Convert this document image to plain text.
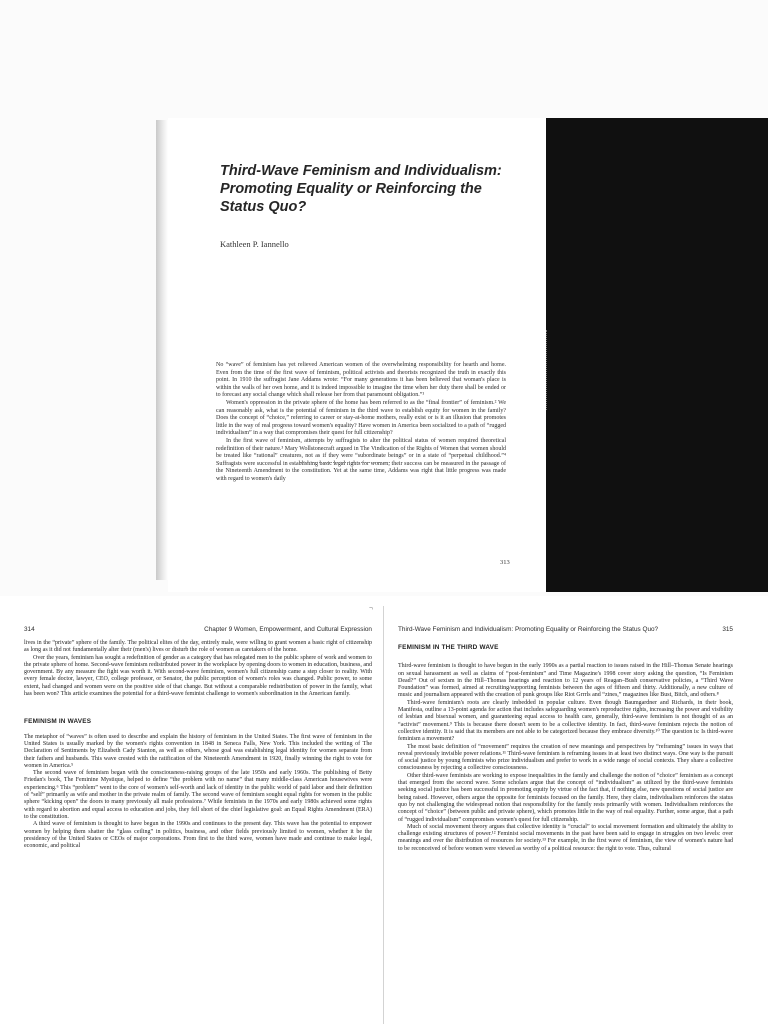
Third-Wave Feminism and Individualism: Promoting Equality or Reinforcing the Status Quo?
Kathleen P. Iannello

No “wave” of feminism has yet relieved American women of the overwhelming responsibility for hearth and home. Even from the time of the first wave of feminism, political activists and theorists recognized the truth in exactly this point. In 1910 the suffragist Jane Addams wrote: “For many generations it has been believed that woman's place is within the walls of her own home, and it is indeed impossible to imagine the time when her duty there shall be ended or to forecast any social change which shall release her from that paramount obligation.”¹

Women's oppression in the private sphere of the home has been referred to as the “final frontier” of feminism.² We can reasonably ask, what is the potential of feminism in the third wave to establish equity for women in the family? Does the concept of “choice,” referring to career or stay-at-home mothers, really exist or is it an illusion that promotes little in the way of real progress toward women's equality? Have women in America been socialized to a path of “rugged individualism” in a way that compromises their quest for full citizenship?

In the first wave of feminism, attempts by suffragists to alter the political status of women required theoretical redefinition of their nature.³ Mary Wollstonecraft argued in The Vindication of the Rights of Women that women should be treated like “rational” creatures, not as if they were “subordinate beings” or in a state of “perpetual childhood.”⁴ Suffragists were successful in establishing basic legal rights for women; their success can be measured in the passage of the Nineteenth Amendment to the constitution. Yet at the same time, Addams was right that little progress was made with regard to women's daily

313
¬
314	Chapter 9 Women, Empowerment, and Cultural Expression

lives in the “private” sphere of the family. The political elites of the day, entirely male, were willing to grant women a basic right of citizenship as long as it did not fundamentally alter their (men's) lives or disturb the role of women as caretakers of the home.

Over the years, feminism has sought a redefinition of gender as a category that has relegated men to the public sphere of work and women to the private sphere of home. Second-wave feminism redistributed power in the workplace by opening doors to women in education, business, and government. By any measure the fight was worth it. With second-wave feminism, women's full citizenship came a step closer to reality. With every female doctor, lawyer, CEO, college professor, or Senator, the public perception of women's roles was changed. Public power, to some extent, had changed and women were on the positive side of that change. But without a comparable redistribution of power in the family, what has been won? This article examines the potential for a third-wave feminist challenge to women's subordination in the American family.

FEMINISM IN WAVES

The metaphor of “waves” is often used to describe and explain the history of feminism in the United States. The first wave of feminism in the United States is usually marked by the women's rights convention in 1848 in Seneca Falls, New York. This included the writing of The Declaration of Sentiments by Elizabeth Cady Stanton, as well as others, whose goal was establishing legal identity for women separate from their fathers and husbands. This wave crested with the ratification of the Nineteenth Amendment in 1920, finally winning the right to vote for women in America.⁵

The second wave of feminism began with the consciousness-raising groups of the late 1950s and early 1960s. The publishing of Betty Friedan's book, The Feminine Mystique, helped to define “the problem with no name” that many middle-class American housewives were experiencing.⁶ This “problem” went to the core of women's self-worth and lack of identity in the public world of paid labor and their definition of “self” primarily as wife and mother in the private realm of family. The second wave of feminism sought equal rights for women in the public sphere “kicking open” the doors to many previously all male professions.⁷ While feminists in the 1970s and early 1980s achieved some rights with regard to abortion and equal access to education and jobs, they fell short of the chief legislative goal: an Equal Rights Amendment (ERA) to the constitution.

A third wave of feminism is thought to have begun in the 1990s and continues to the present day. This wave has the potential to empower women by helping them shatter the “glass ceiling” in politics, business, and other fields previously limited to women, whether it be the presidency of the United States or CEOs of major corporations. From first to the third wave, women have made and continue to make legal, economic, and political

Third-Wave Feminism and Individualism: Promoting Equality or Reinforcing the Status Quo?	315
FEMINISM IN THE THIRD WAVE

Third-wave feminism is thought to have begun in the early 1990s as a partial reaction to issues raised in the Hill–Thomas Senate hearings on sexual harassment as well as claims of “post-feminism” and Time Magazine's 1998 cover story asking the question, “Is Feminism Dead?” Out of sexism in the Hill–Thomas hearings and reaction to 12 years of Reagan–Bush conservative policies, a “Third Wave Foundation” was formed, aimed at recruiting/supporting feminists between the ages of fifteen and thirty. Additionally, a new culture of music and journalism appeared with the creation of punk groups like Riot Grrrls and “zines,” magazines like Bust, Bitch, and others.⁸

Third-wave feminism's roots are clearly imbedded in popular culture. Even though Baumgardner and Richards, in their book, Manifesta, outline a 13-point agenda for action that includes safeguarding women's reproductive rights, increasing the power and visibility of lesbian and bisexual women, and guaranteeing equal access to health care, generally, third-wave feminism is not thought of as an “activist” movement.⁹ This is because there doesn't seem to be a collective identity. In fact, third-wave feminism rejects the notion of collective identity. It is said that its members are not able to be categorized because they embrace diversity.¹⁰ The question is: Is third-wave feminism a movement?

The most basic definition of “movement” requires the creation of new meanings and perspectives by “reframing” issues in ways that reveal previously invisible power relations.¹¹ Third-wave feminism is reframing issues in at least two distinct ways. One way is the pursuit of social justice by young feminists who prize individualism and prefer to work in a wide range of social contexts. They share a collective consciousness by rejecting a collective consciousness.

Other third-wave feminists are working to expose inequalities in the family and challenge the notion of “choice” feminism as a concept that emerged from the second wave. Some scholars argue that the concept of “individualism” as utilized by the third-wave feminists seeking social justice has been successful in promoting equity by virtue of the fact that, if nothing else, new questions of social justice are being raised. However, others argue the opposite for feminists focused on the family. Here, they claim, individualism reinforces the status quo by not challenging the widespread notion that responsibility for the family rests primarily with women. Individualism reinforces the concept of “choice” (between public and private sphere), which promotes little in the way of real equality. Further, some argue, that a path of “rugged individualism” compromises women's quest for full citizenship.

Much of social movement theory argues that collective identity is “crucial” to social movement formation and ultimately the ability to challenge existing structures of power.¹² Feminist social movements in the past have been said to engage in struggles on two levels: over meanings and over the distribution of resources for society.¹³ For example, in the first wave of feminism, the view of women's nature had to be reconceived of before women were viewed as worthy of a political resource: the right to vote. Thus, cultural
